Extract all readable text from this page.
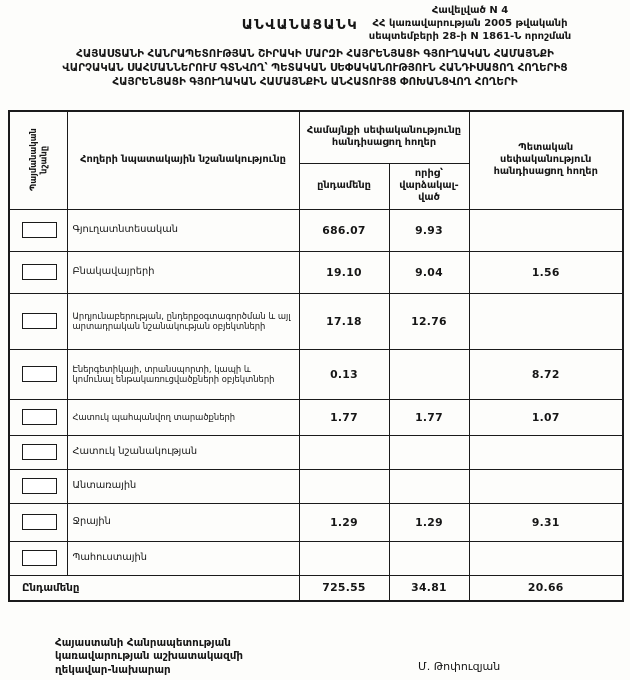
Հավելված N 4
ՀՀ կառավարության 2005 թվականի
սեպտեմբերի 28-ի N 1861-Ն որոշման
ԱՆՎԱՆԱՑԱՆԿ
ՀԱՅԱՍՏԱՆԻ ՀԱՆՐԱՊԵՏՈՒԹՅԱՆ ՇԻՐԱԿԻ ՄԱՐԶԻ ՀԱՅՐԵՆՅԱՑԻ ԳՅՈՒՂԱԿԱՆ ՀԱՄԱՅՆՔԻ
ՎԱՐՉԱԿԱՆ ՍԱՀՄԱՆՆԵՐՈՒՄ ԳՏՆՎՈՂ՝ ՊԵՏԱԿԱՆ ՍԵՓԱԿԱՆՈՒԹՅՈՒՆ ՀԱՆԴԻՍԱՑՈՂ ՀՈՂԵՐԻՑ
ՀԱՅՐԵՆՅԱՑԻ ԳՅՈՒՂԱԿԱՆ ՀԱՄԱՅՆՔԻՆ ԱՆՀԱՏՈՒՅՑ ՓՈԽԱՆՑՎՈՂ ՀՈՂԵՐԻ
Պայմանական նշանը	Հողերի նպատակային նշանակությունը	Համայնքի սեփականությունը հանդիսացող հողեր		Պետական սեփականություն հանդիսացող հողեր
		ընդամենը	որից՝ վարձակալ-ված	

	Գյուղատնտեսական	686.07	9.93	

	Բնակավայրերի	19.10	9.04	1.56

	Արդյունաբերության, ընդերքօգտագործման և այլ արտադրական նշանակության օբյեկտների	17.18	12.76	

	Էներգետիկայի, տրանսպորտի, կապի և կոմունալ ենթակառուցվածքների օբյեկտների	0.13		8.72

	Հատուկ պահպանվող տարածքների	1.77	1.77	1.07

	Հատուկ նշանակության			

	Անտառային			

	Ջրային	1.29	1.29	9.31

	Պահուստային			
Ընդամենը		725.55	34.81	20.66
Հայաստանի Հանրապետության
կառավարության աշխատակազմի
ղեկավար-նախարար	Մ. Թոփուզյան
